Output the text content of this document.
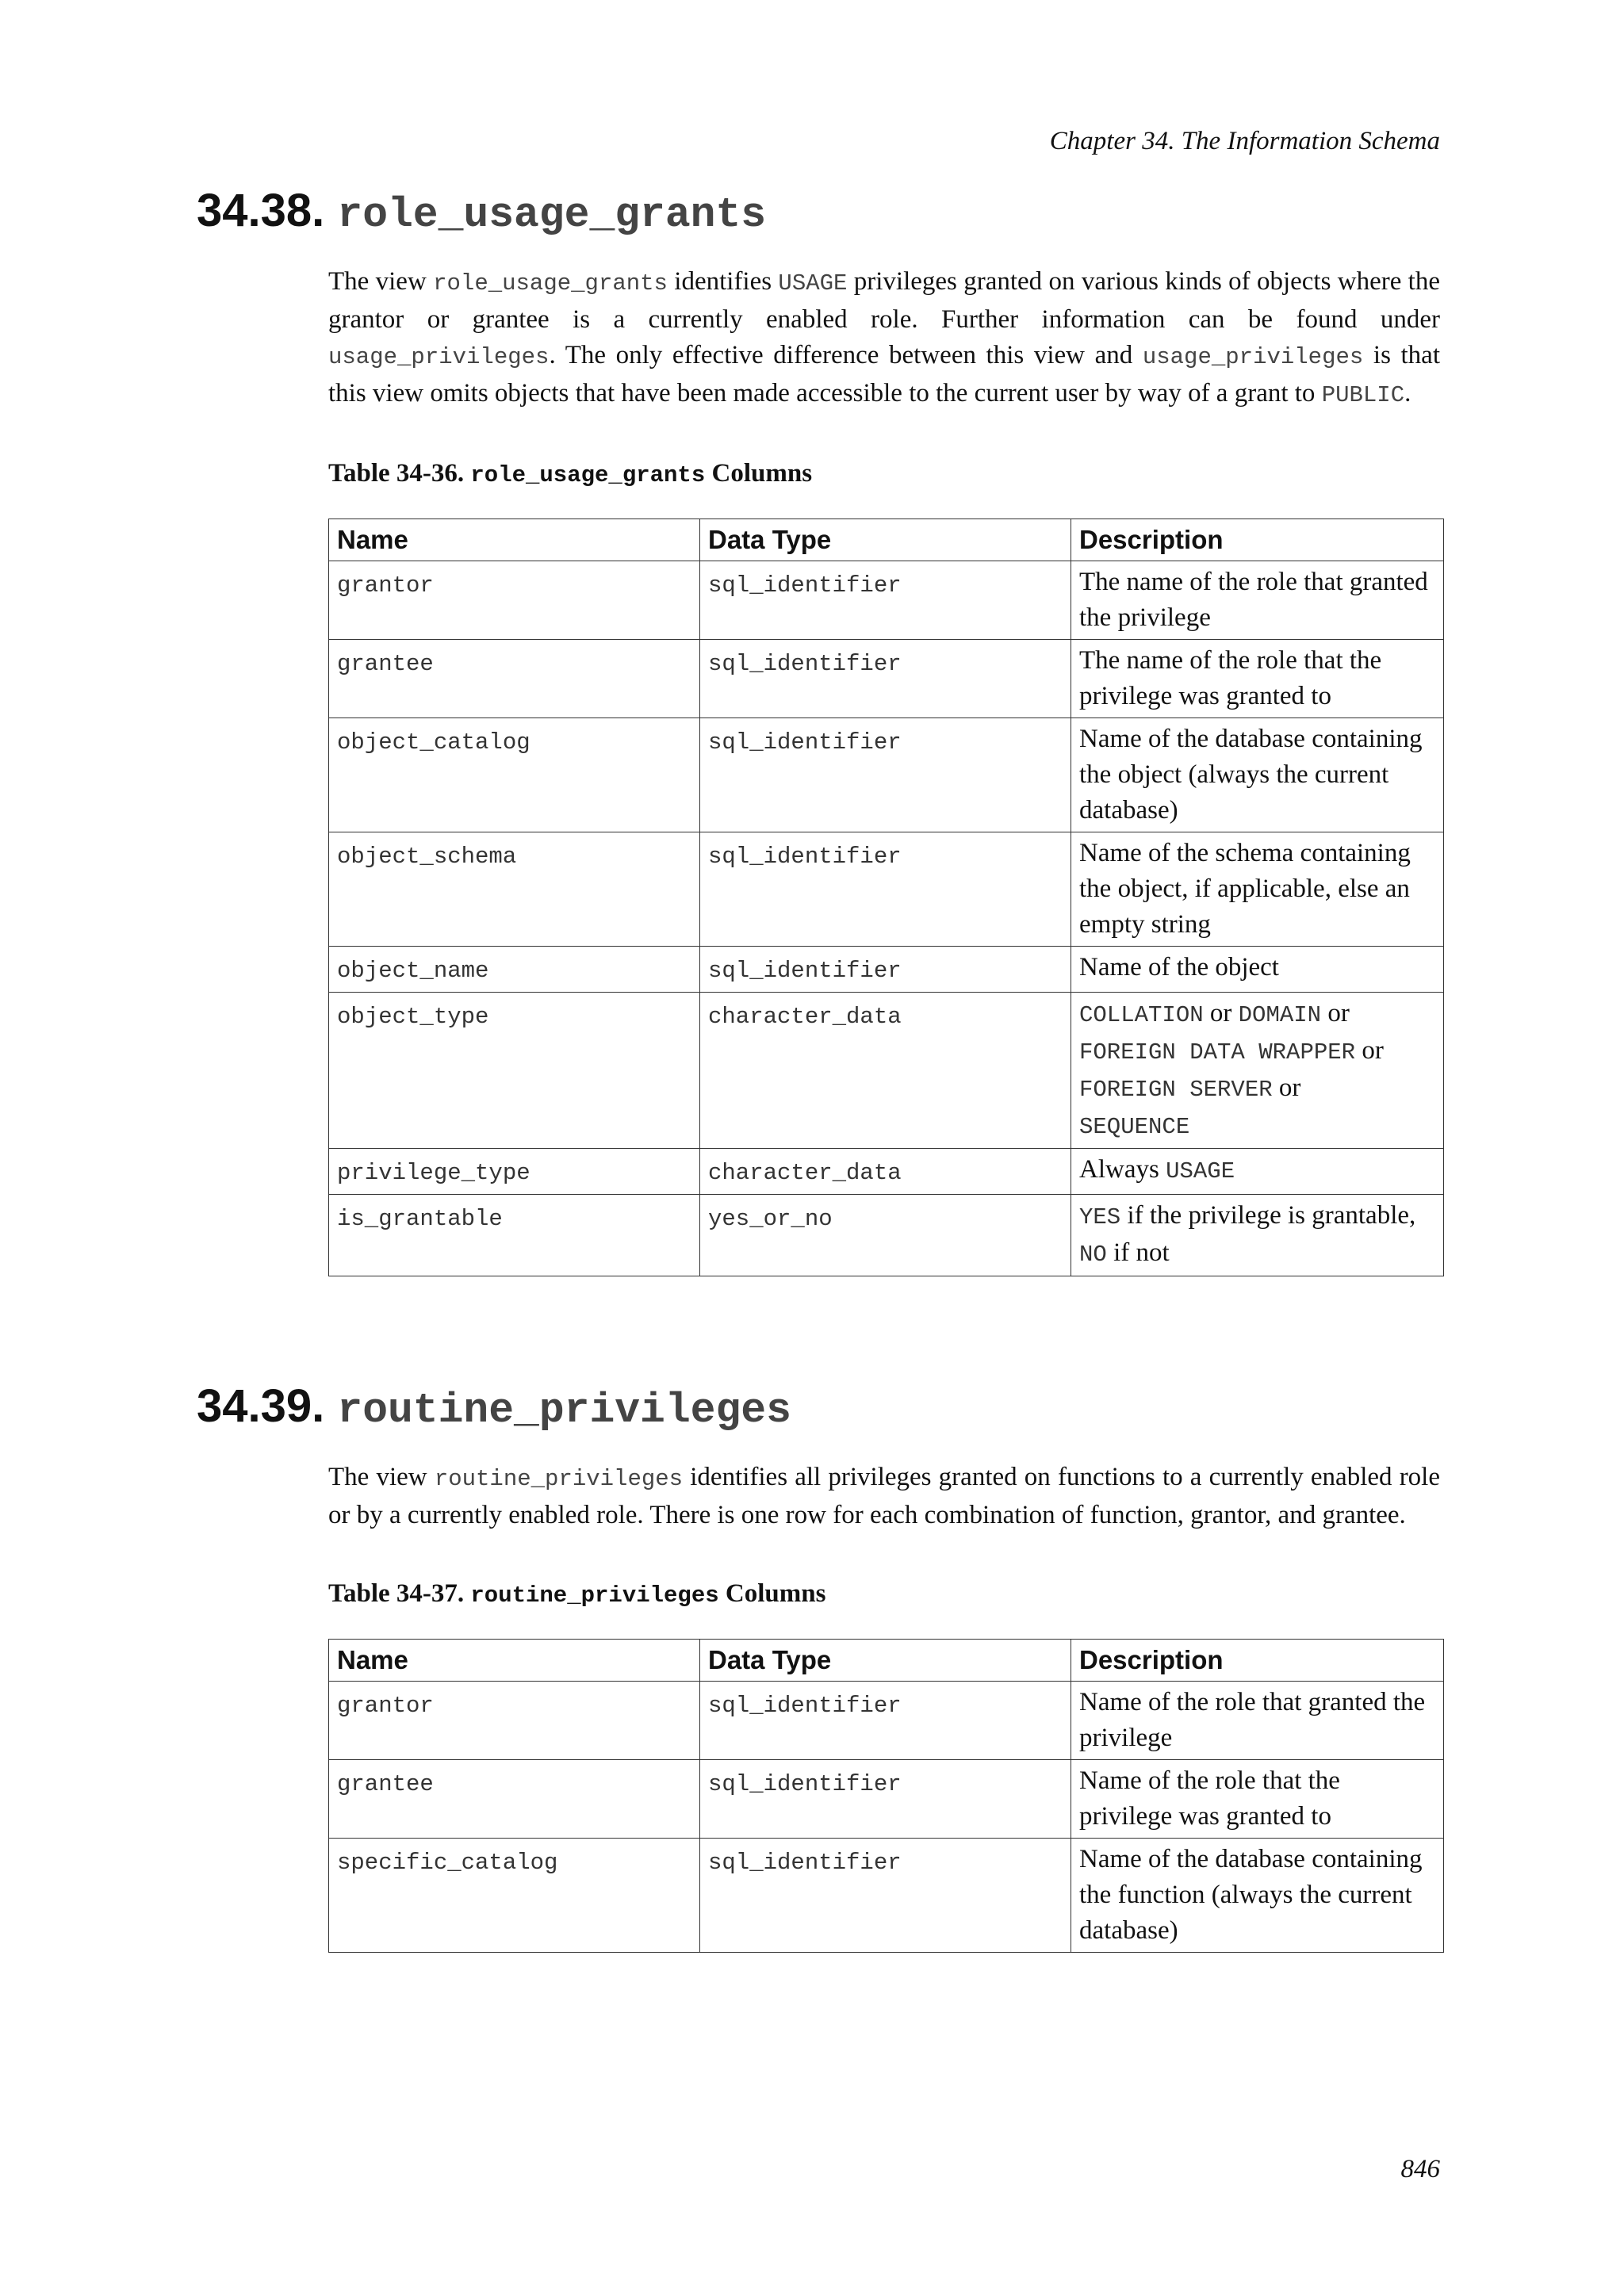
Chapter 34. The Information Schema
34.38. role_usage_grants

The view role_usage_grants identifies USAGE privileges granted on various kinds of objects where the grantor or grantee is a currently enabled role. Further information can be found under usage_privileges. The only effective difference between this view and usage_privileges is that this view omits objects that have been made accessible to the current user by way of a grant to PUBLIC.

Table 34-36. role_usage_grants Columns
Name	Data Type	Description
grantor	sql_identifier	The name of the role that granted the privilege
grantee	sql_identifier	The name of the role that the privilege was granted to
object_catalog	sql_identifier	Name of the database containing the object (always the current database)
object_schema	sql_identifier	Name of the schema containing the object, if applicable, else an empty string
object_name	sql_identifier	Name of the object
object_type	character_data	COLLATION or DOMAIN or
FOREIGN DATA WRAPPER or
FOREIGN SERVER or
SEQUENCE
privilege_type	character_data	Always USAGE
is_grantable	yes_or_no	YES if the privilege is grantable,
NO if not
34.39. routine_privileges

The view routine_privileges identifies all privileges granted on functions to a currently enabled role or by a currently enabled role. There is one row for each combination of function, grantor, and grantee.

Table 34-37. routine_privileges Columns
Name	Data Type	Description
grantor	sql_identifier	Name of the role that granted the privilege
grantee	sql_identifier	Name of the role that the privilege was granted to
specific_catalog	sql_identifier	Name of the database containing the function (always the current database)
846
